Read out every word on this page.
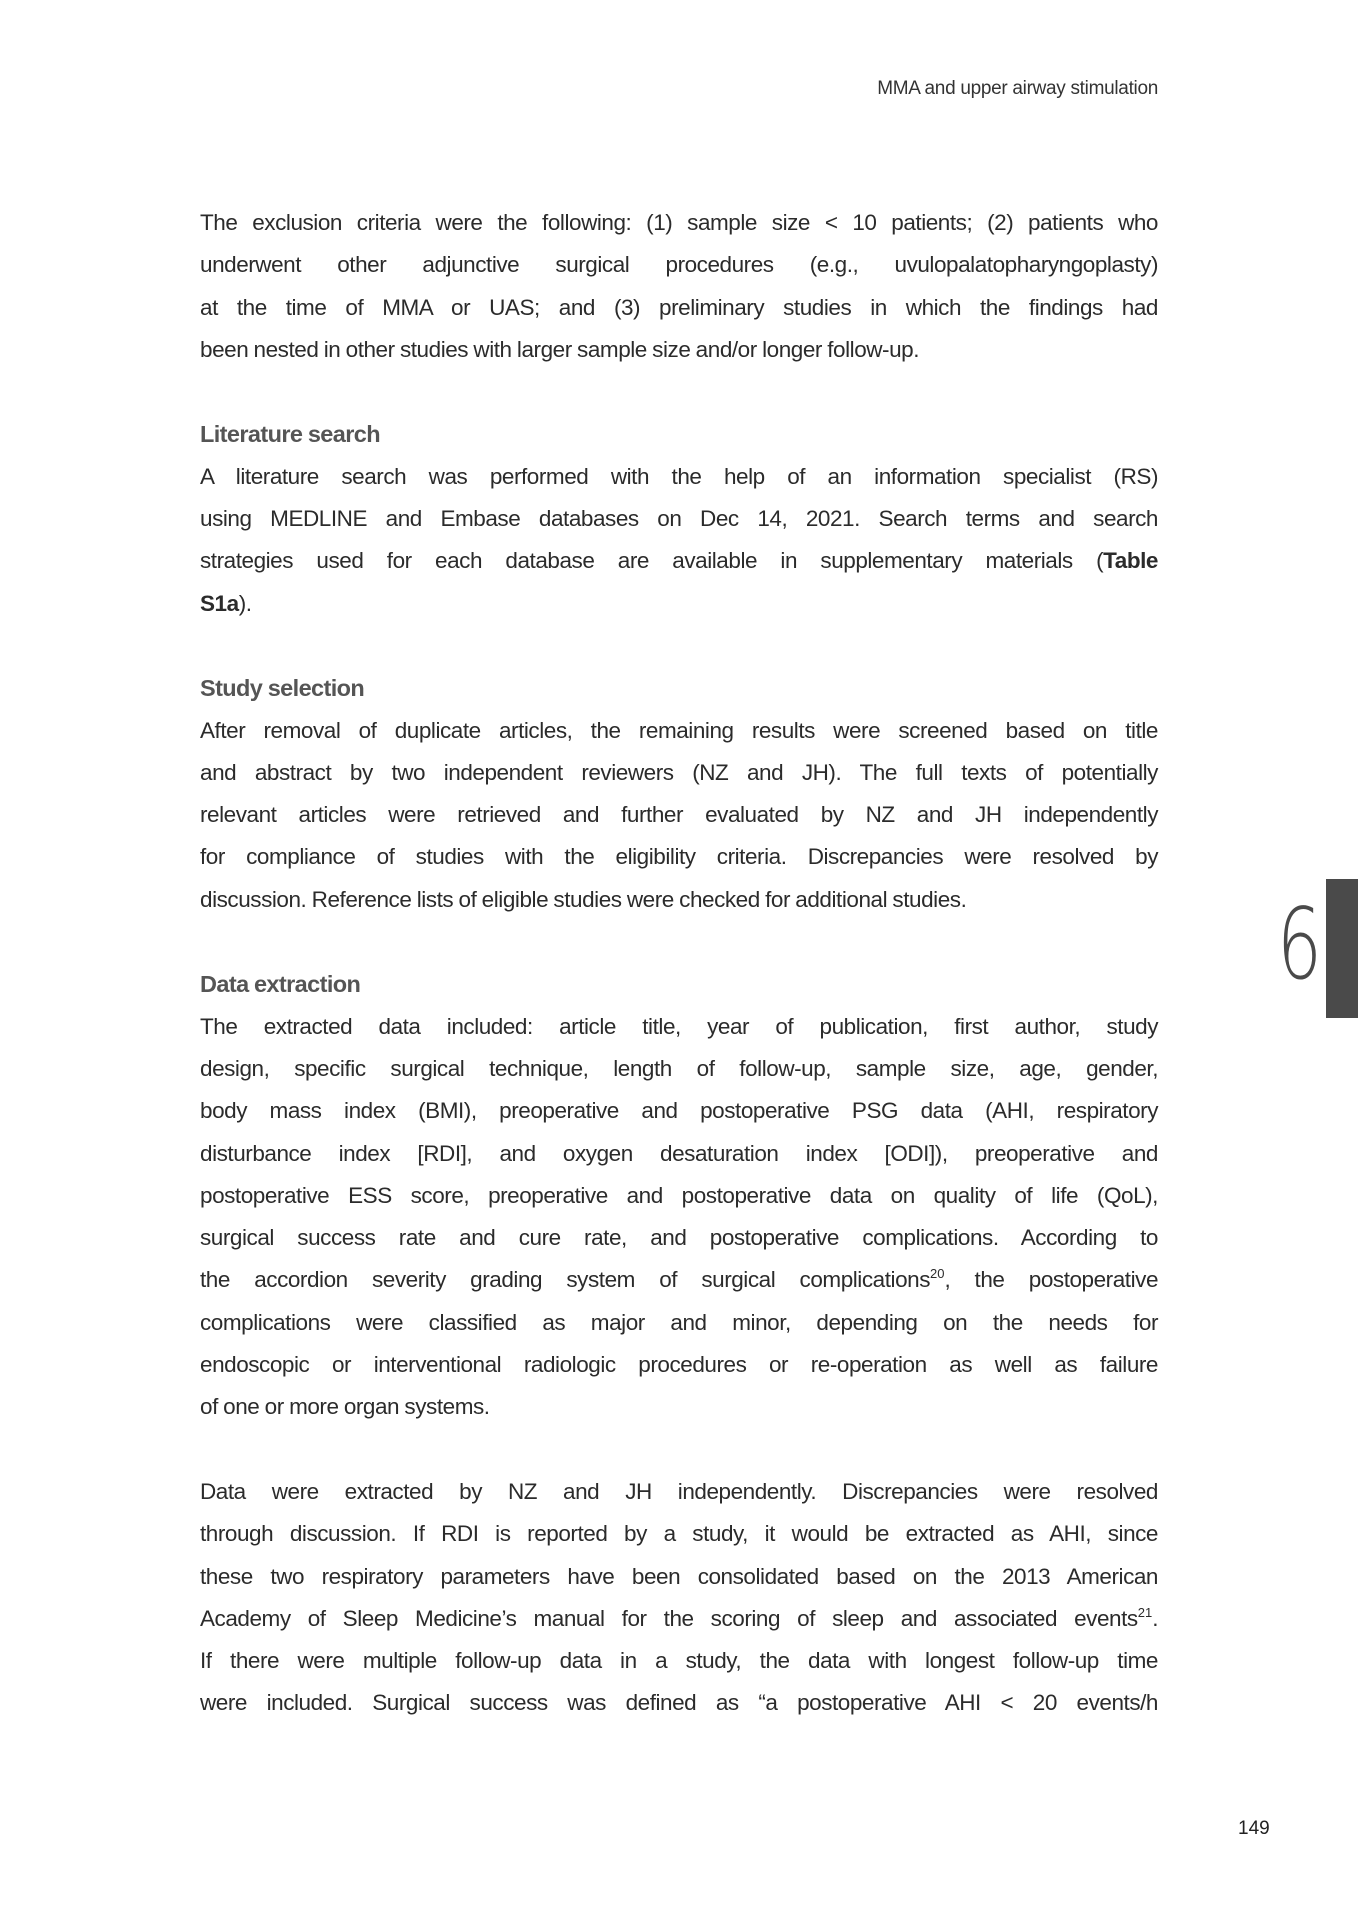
MMA and upper airway stimulation
The exclusion criteria were the following: (1) sample size < 10 patients; (2) patients who
underwent other adjunctive surgical procedures (e.g., uvulopalatopharyngoplasty)
at the time of MMA or UAS; and (3) preliminary studies in which the findings had
been nested in other studies with larger sample size and/or longer follow-up.
Literature search
A literature search was performed with the help of an information specialist (RS)
using MEDLINE and Embase databases on Dec 14, 2021. Search terms and search
strategies used for each database are available in supplementary materials (Table
S1a).
Study selection
After removal of duplicate articles, the remaining results were screened based on title
and abstract by two independent reviewers (NZ and JH). The full texts of potentially
relevant articles were retrieved and further evaluated by NZ and JH independently
for compliance of studies with the eligibility criteria. Discrepancies were resolved by
discussion. Reference lists of eligible studies were checked for additional studies.
Data extraction
The extracted data included: article title, year of publication, first author, study
design, specific surgical technique, length of follow-up, sample size, age, gender,
body mass index (BMI), preoperative and postoperative PSG data (AHI, respiratory
disturbance index [RDI], and oxygen desaturation index [ODI]), preoperative and
postoperative ESS score, preoperative and postoperative data on quality of life (QoL),
surgical success rate and cure rate, and postoperative complications. According to
the accordion severity grading system of surgical complications$^{20}$, the postoperative
complications were classified as major and minor, depending on the needs for
endoscopic or interventional radiologic procedures or re-operation as well as failure
of one or more organ systems.
Data were extracted by NZ and JH independently. Discrepancies were resolved
through discussion. If RDI is reported by a study, it would be extracted as AHI, since
these two respiratory parameters have been consolidated based on the 2013 American
Academy of Sleep Medicine’s manual for the scoring of sleep and associated events$^{21}$.
If there were multiple follow-up data in a study, the data with longest follow-up time
were included. Surgical success was defined as “a postoperative AHI < 20 events/h
6
149
